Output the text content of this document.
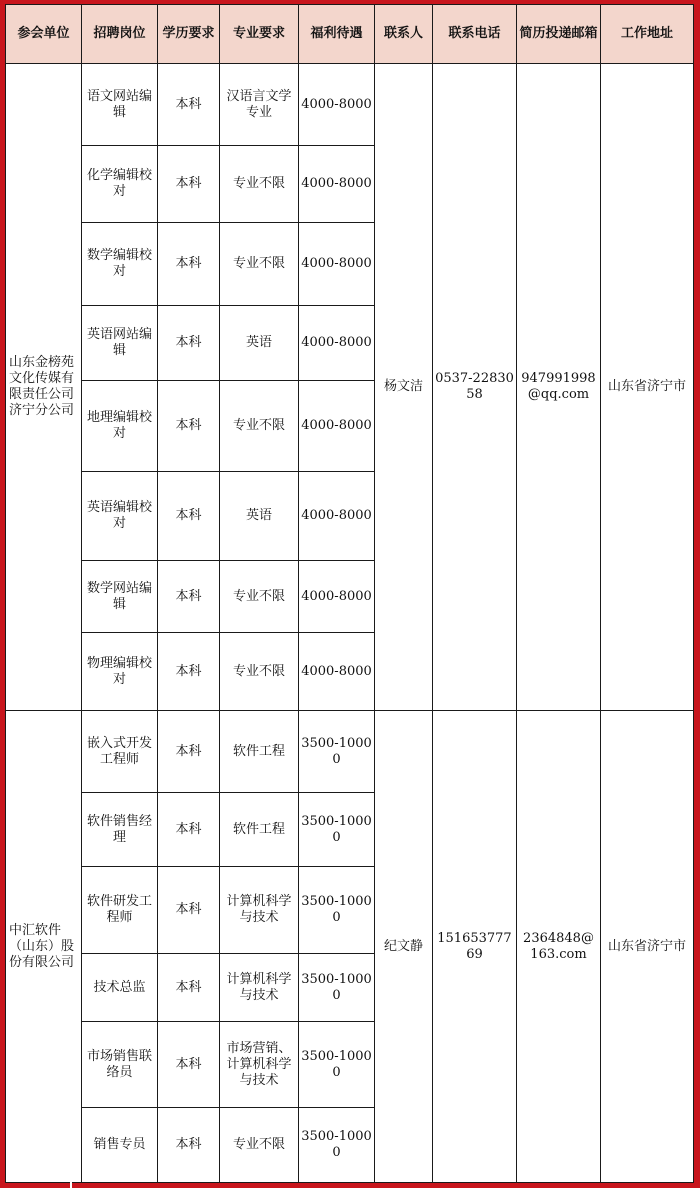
参会单位	招聘岗位	学历要求	专业要求	福利待遇	联系人	联系电话	简历投递邮箱	工作地址
山东金榜苑文化传媒有限责任公司济宁分公司	语文网站编辑	本科	汉语言文学专业	4000-8000	杨文洁	0537-2283058	947991998@qq.com	山东省济宁市
	化学编辑校对	本科	专业不限	4000-8000				
	数学编辑校对	本科	专业不限	4000-8000				
	英语网站编辑	本科	英语	4000-8000				
	地理编辑校对	本科	专业不限	4000-8000				
	英语编辑校对	本科	英语	4000-8000				
	数学网站编辑	本科	专业不限	4000-8000				
	物理编辑校对	本科	专业不限	4000-8000				
中汇软件（山东）股份有限公司	嵌入式开发工程师	本科	软件工程	3500-10000	纪文静	15165377769	2364848@163.com	山东省济宁市
	软件销售经理	本科	软件工程	3500-10000				
	软件研发工程师	本科	计算机科学与技术	3500-10000				
	技术总监	本科	计算机科学与技术	3500-10000				
	市场销售联络员	本科	市场营销、计算机科学与技术	3500-10000				
	销售专员	本科	专业不限	3500-10000				
